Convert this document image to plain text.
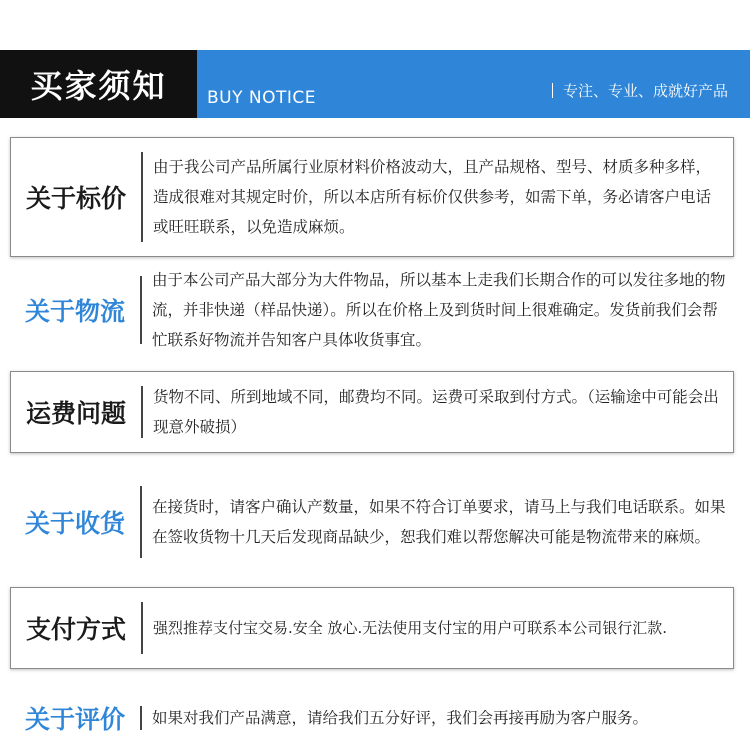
买家须知 BUY NOTICE	专注、专业、成就好产品
关于标价
由于我公司产品所属行业原材料价格波动大，且产品规格、型号、材质多种多样，造成很难对其规定时价，所以本店所有标价仅供参考，如需下单，务必请客户电话或旺旺联系，以免造成麻烦。
关于物流
由于本公司产品大部分为大件物品，所以基本上走我们长期合作的可以发往多地的物流，并非快递（样品快递）。所以在价格上及到货时间上很难确定。发货前我们会帮忙联系好物流并告知客户具体收货事宜。
运费问题
货物不同、所到地域不同，邮费均不同。运费可采取到付方式。（运输途中可能会出现意外破损）
关于收货
在接货时，请客户确认产数量，如果不符合订单要求，请马上与我们电话联系。如果在签收货物十几天后发现商品缺少，恕我们难以帮您解决可能是物流带来的麻烦。
支付方式	强烈推荐支付宝交易.安全 放心.无法使用支付宝的用户可联系本公司银行汇款.
关于评价	如果对我们产品满意，请给我们五分好评，我们会再接再励为客户服务。
